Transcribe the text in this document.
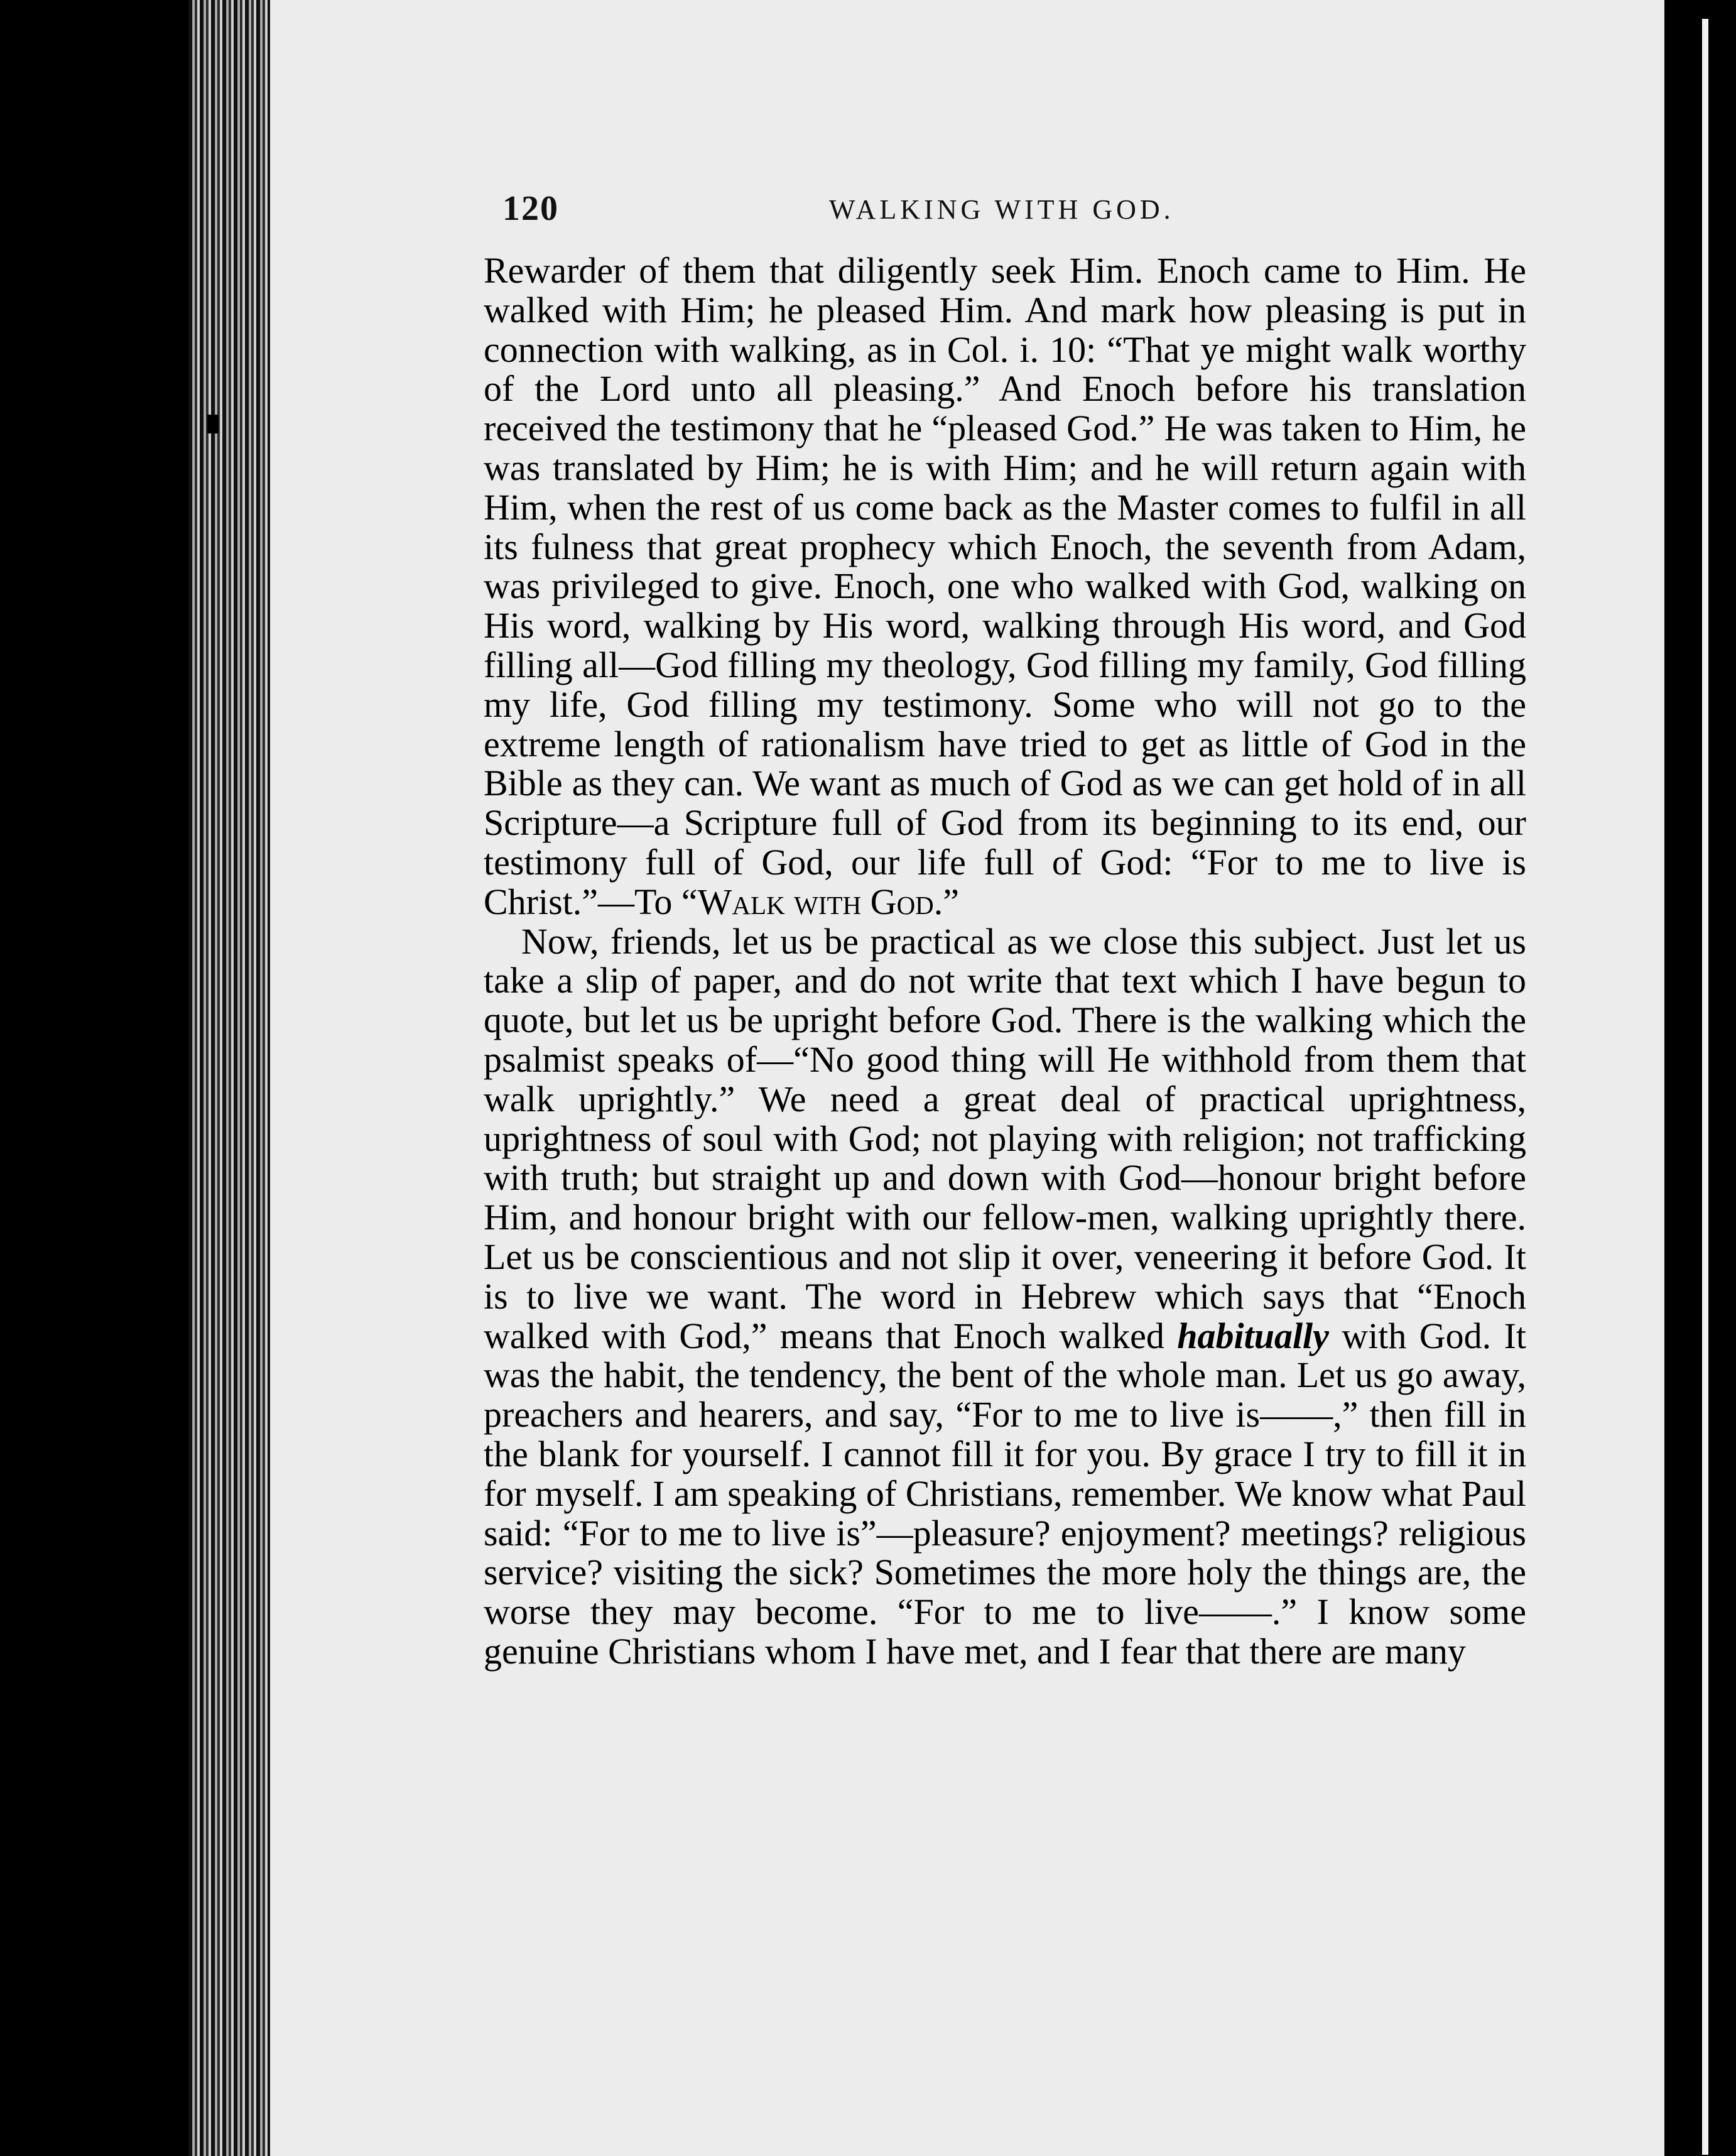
120	WALKING WITH GOD.

Rewarder of them that diligently seek Him. Enoch came to Him. He walked with Him; he pleased Him. And mark how pleasing is put in connection with walking, as in Col. i. 10: “That ye might walk worthy of the Lord unto all pleasing.” And Enoch before his translation received the testimony that he “pleased God.” He was taken to Him, he was translated by Him; he is with Him; and he will return again with Him, when the rest of us come back as the Master comes to fulfil in all its fulness that great prophecy which Enoch, the seventh from Adam, was privileged to give. Enoch, one who walked with God, walking on His word, walking by His word, walking through His word, and God filling all—God filling my theology, God filling my family, God filling my life, God filling my testimony. Some who will not go to the extreme length of rationalism have tried to get as little of God in the Bible as they can. We want as much of God as we can get hold of in all Scripture—a Scripture full of God from its beginning to its end, our testimony full of God, our life full of God: “For to me to live is Christ.”—To “Walk with God.”

Now, friends, let us be practical as we close this subject. Just let us take a slip of paper, and do not write that text which I have begun to quote, but let us be upright before God. There is the walking which the psalmist speaks of—“No good thing will He withhold from them that walk uprightly.” We need a great deal of practical uprightness, uprightness of soul with God; not playing with religion; not trafficking with truth; but straight up and down with God—honour bright before Him, and honour bright with our fellow-men, walking uprightly there. Let us be conscientious and not slip it over, veneering it before God. It is to live we want. The word in Hebrew which says that “Enoch walked with God,” means that Enoch walked habitually with God. It was the habit, the tendency, the bent of the whole man. Let us go away, preachers and hearers, and say, “For to me to live is——,” then fill in the blank for yourself. I cannot fill it for you. By grace I try to fill it in for myself. I am speaking of Christians, remember. We know what Paul said: “For to me to live is”—pleasure? enjoyment? meetings? religious service? visiting the sick? Sometimes the more holy the things are, the worse they may become. “For to me to live——.” I know some genuine Christians whom I have met, and I fear that there are many
